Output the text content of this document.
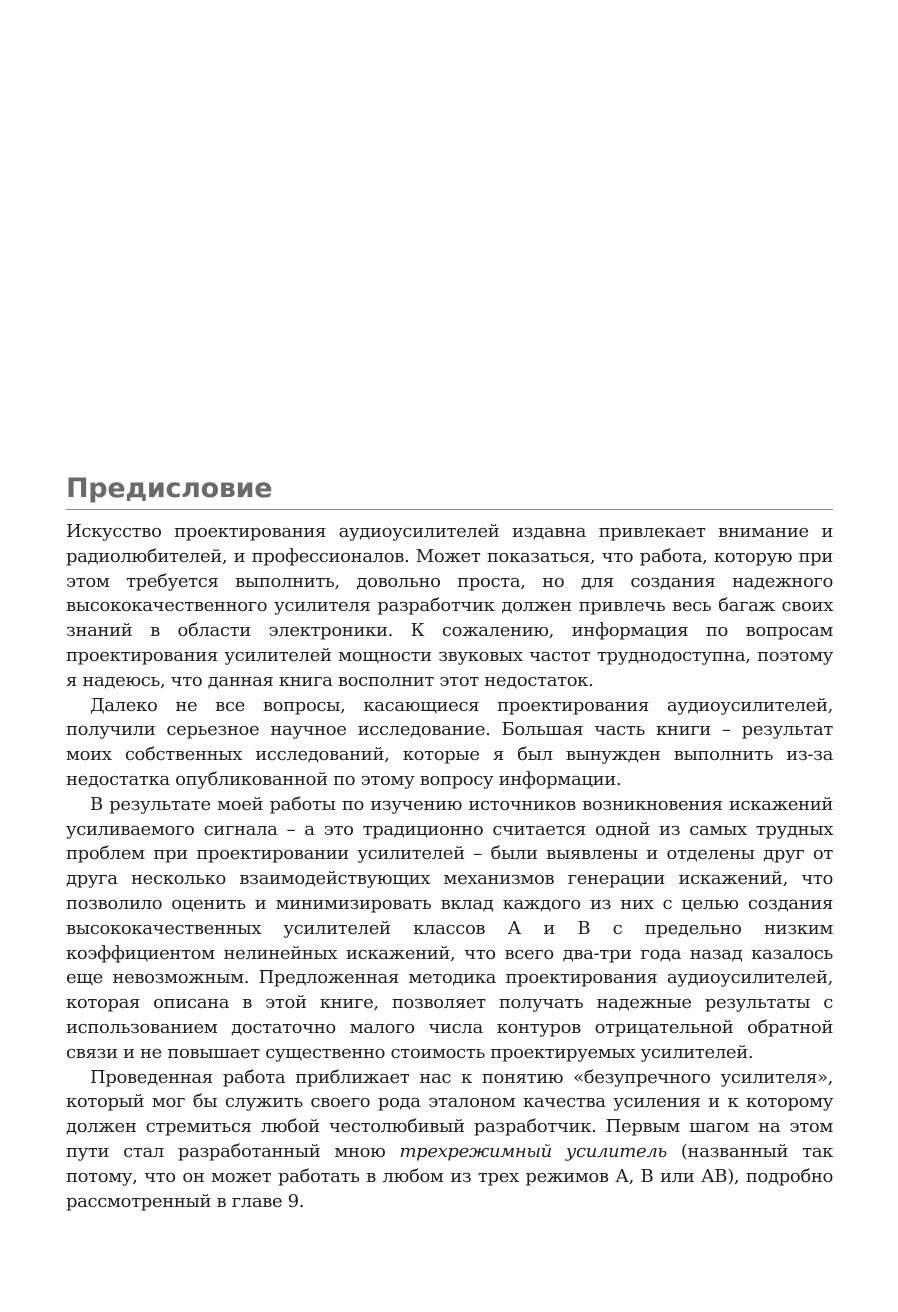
Предисловие

Искусство проектирования аудиоусилителей издавна привлекает внимание и радиолюбителей, и профессионалов. Может показаться, что работа, которую при этом требуется выполнить, довольно проста, но для создания надежного высококачественного усилителя разработчик должен привлечь весь багаж своих знаний в области электроники. К сожалению, информация по вопросам проектирования усилителей мощности звуковых частот труднодоступна, поэтому я надеюсь, что данная книга восполнит этот недостаток.

Далеко не все вопросы, касающиеся проектирования аудиоусилителей, получили серьезное научное исследование. Большая часть книги – результат моих собственных исследований, которые я был вынужден выполнить из-за недостатка опубликованной по этому вопросу информации.

В результате моей работы по изучению источников возникновения искажений усиливаемого сигнала – а это традиционно считается одной из самых трудных проблем при проектировании усилителей – были выявлены и отделены друг от друга несколько взаимодействующих механизмов генерации искажений, что позволило оценить и минимизировать вклад каждого из них с целью создания высококачественных усилителей классов А и В с предельно низким коэффициентом нелинейных искажений, что всего два-три года назад казалось еще невозможным. Предложенная методика проектирования аудиоусилителей, которая описана в этой книге, позволяет получать надежные результаты с использованием достаточно малого числа контуров отрицательной обратной связи и не повышает существенно стоимость проектируемых усилителей.

Проведенная работа приближает нас к понятию «безупречного усилителя», который мог бы служить своего рода эталоном качества усиления и к которому должен стремиться любой честолюбивый разработчик. Первым шагом на этом пути стал разработанный мною трехрежимный усилитель (названный так потому, что он может работать в любом из трех режимов А, В или АВ), подробно рассмотренный в главе 9.
